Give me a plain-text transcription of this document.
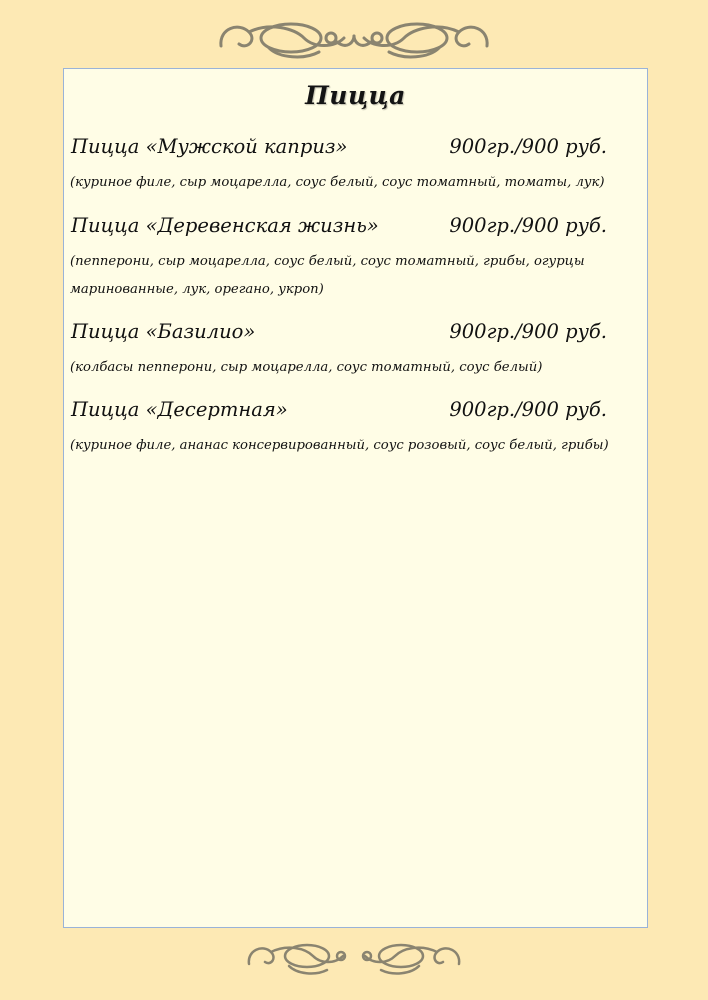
Пицца
Пицца «Мужской каприз»	900гр./900 руб.
(куриное филе, сыр моцарелла, соус белый, соус томатный, томаты, лук)
Пицца «Деревенская жизнь»	900гр./900 руб.
(пепперони, сыр моцарелла, соус белый, соус томатный, грибы, огурцы маринованные, лук, орегано, укроп)
Пицца «Базилио»	900гр./900 руб.
(колбасы пепперони, сыр моцарелла, соус томатный, соус белый)
Пицца «Десертная»	900гр./900 руб.
(куриное филе, ананас консервированный, соус розовый, соус белый, грибы)
